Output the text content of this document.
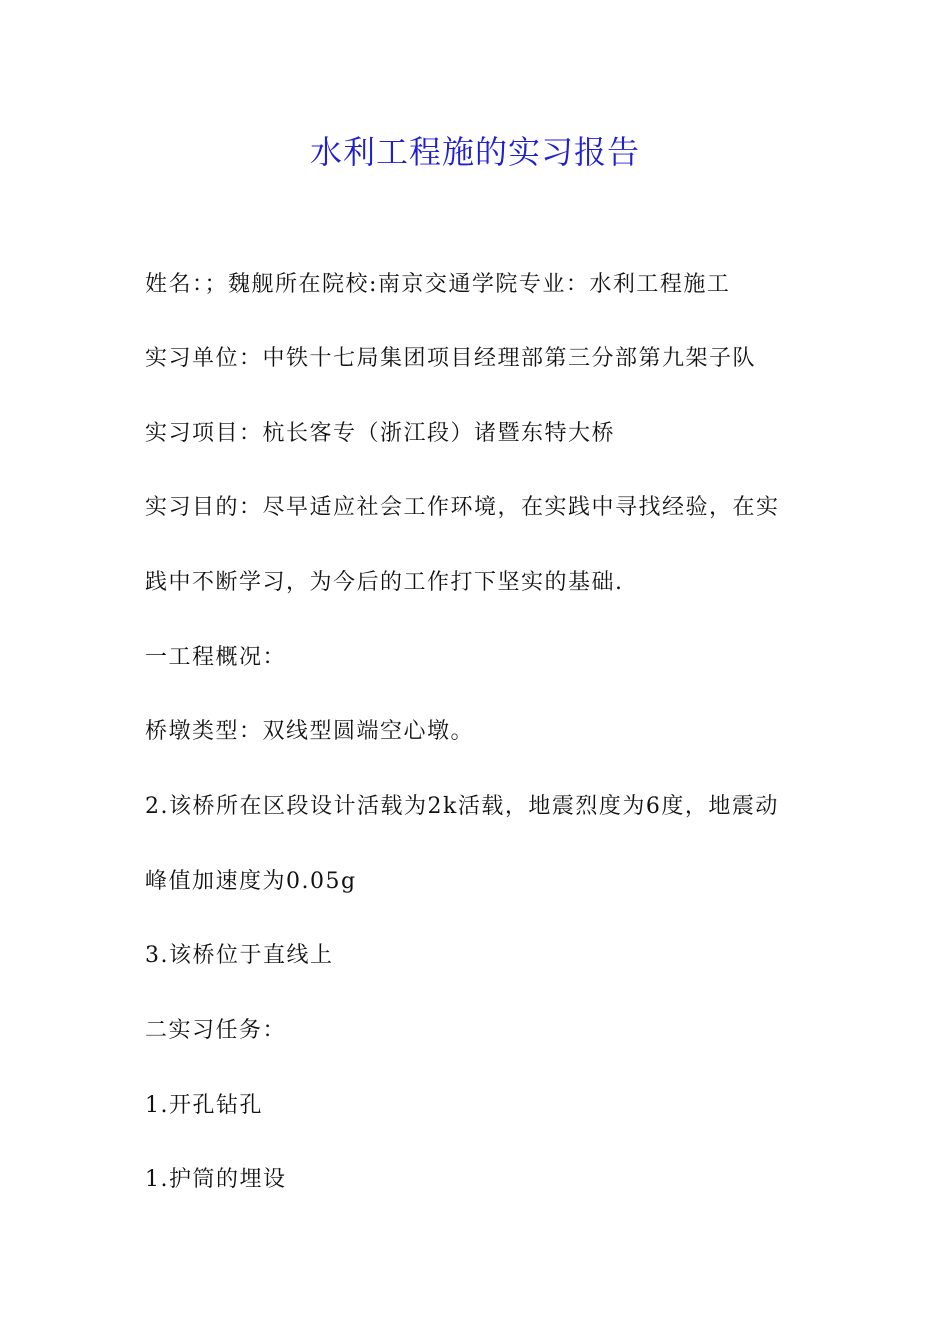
水利工程施的实习报告
姓名：；魏舰所在院校:南京交通学院专业：水利工程施工
实习单位：中铁十七局集团项目经理部第三分部第九架子队
实习项目：杭长客专（浙江段）诸暨东特大桥
实习目的：尽早适应社会工作环境，在实践中寻找经验，在实
践中不断学习，为今后的工作打下坚实的基础.
一工程概况：
桥墩类型：双线型圆端空心墩。
2.该桥所在区段设计活载为2k活载，地震烈度为6度，地震动
峰值加速度为0.05g
3.该桥位于直线上
二实习任务：
1.开孔钻孔
1.护筒的埋设
